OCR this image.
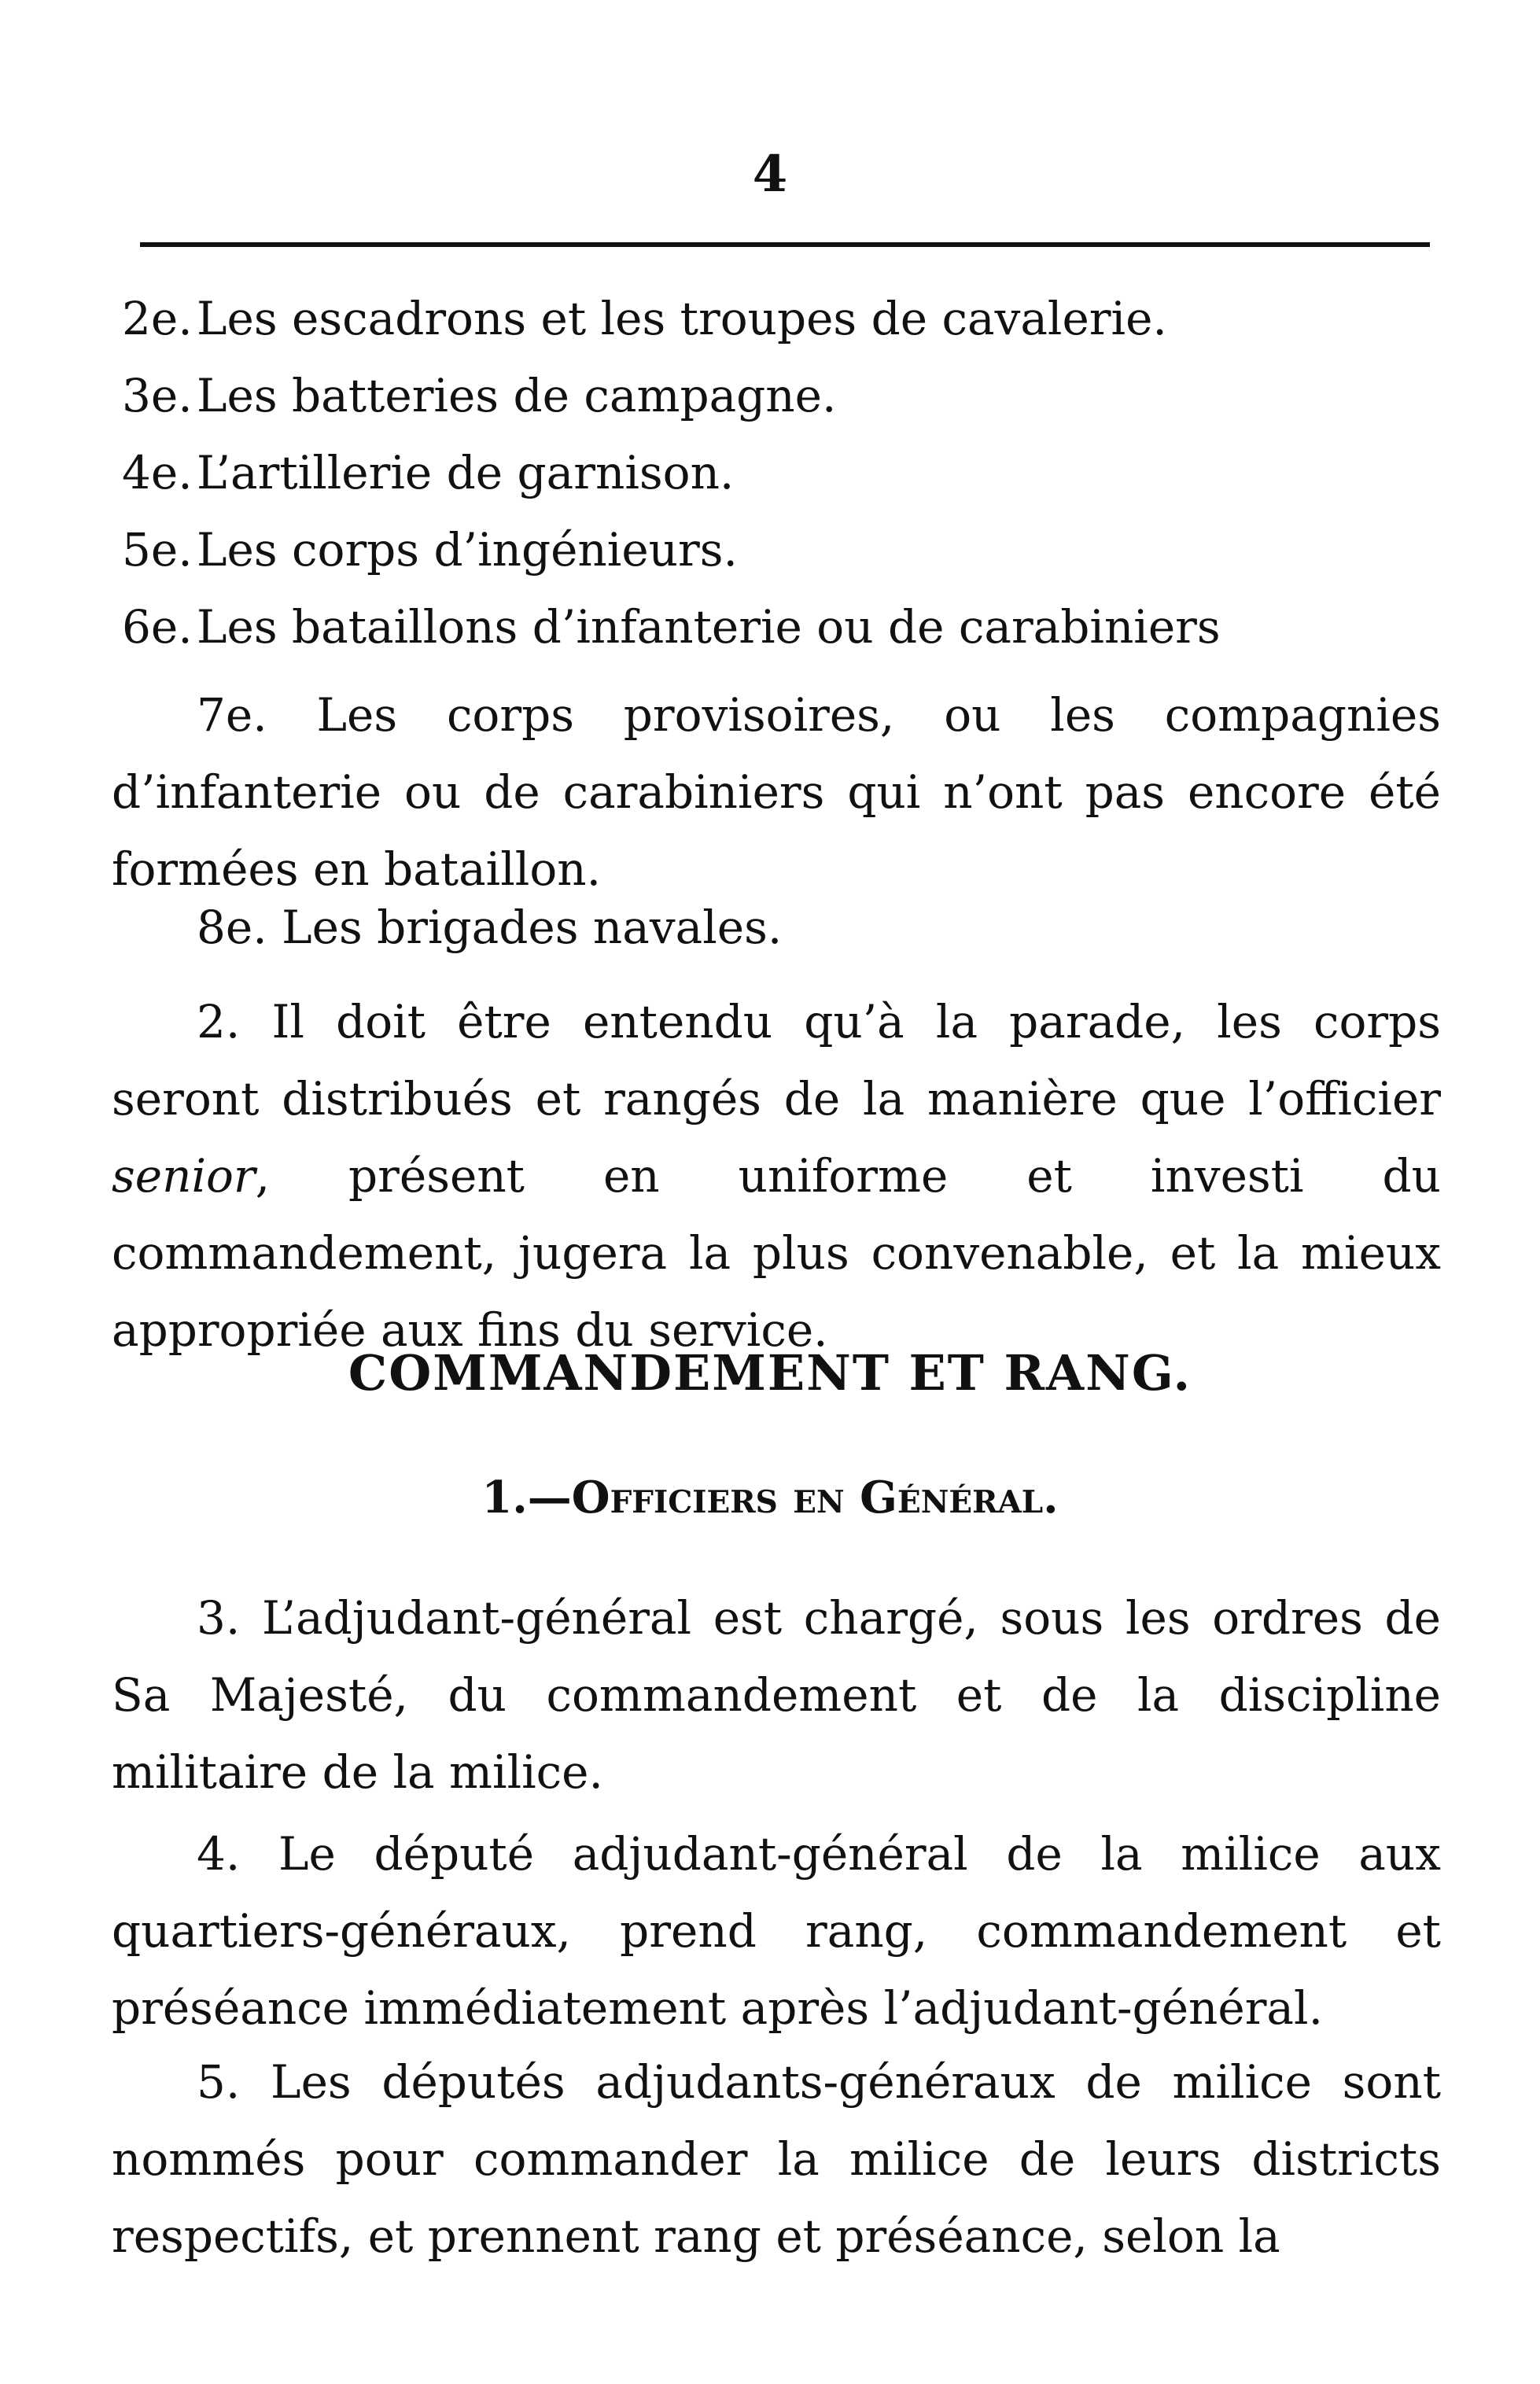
4

2e.Les escadrons et les troupes de cavalerie.

3e.Les batteries de campagne.

4e.L’artillerie de garnison.

5e.Les corps d’ingénieurs.

6e.Les bataillons d’infanterie ou de carabiniers

7e. Les corps provisoires, ou les compagnies d’infanterie ou de carabiniers qui n’ont pas encore été formées en bataillon.

8e. Les brigades navales.

2. Il doit être entendu qu’à la parade, les corps seront distribués et rangés de la manière que l’officier senior, présent en uniforme et investi du commandement, jugera la plus convenable, et la mieux appropriée aux fins du service.

COMMANDEMENT ET RANG.
1.—Officiers en Général.

3. L’adjudant-général est chargé, sous les ordres de Sa Majesté, du commandement et de la discipline militaire de la milice.

4. Le député adjudant-général de la milice aux quartiers-généraux, prend rang, commandement et préséance immédiatement après l’adjudant-général.

5. Les députés adjudants-généraux de milice sont nommés pour commander la milice de leurs districts respectifs, et prennent rang et préséance, selon la
